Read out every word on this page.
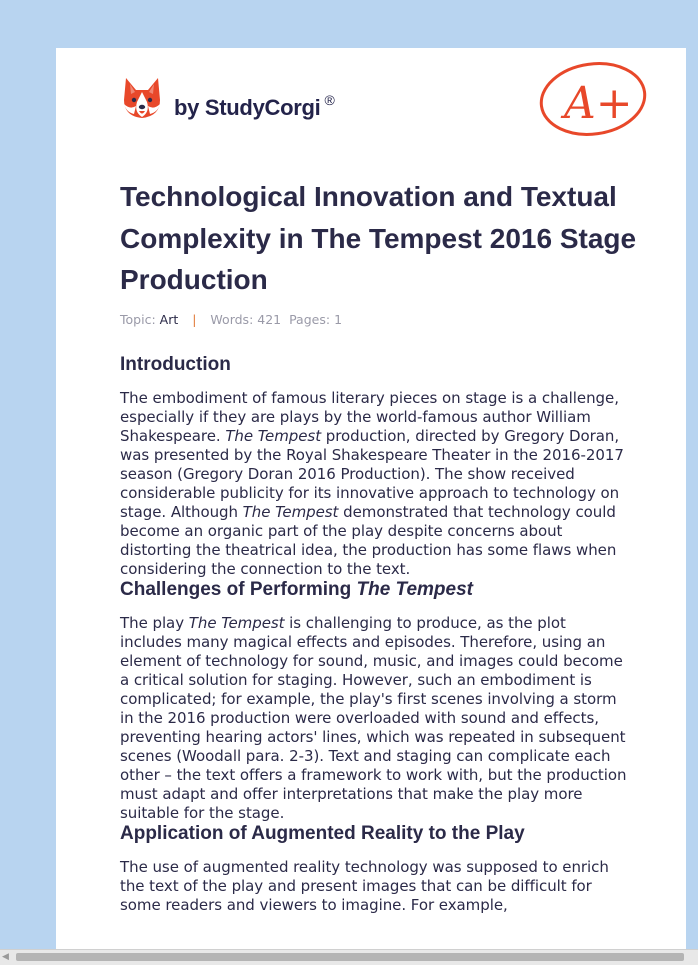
by StudyCorgi ®	A+
Technological Innovation and Textual Complexity in The Tempest 2016 Stage Production
Topic: Art | Words: 421 Pages: 1
Introduction

The embodiment of famous literary pieces on stage is a challenge, especially if they are plays by the world-famous author William Shakespeare. The Tempest production, directed by Gregory Doran, was presented by the Royal Shakespeare Theater in the 2016-2017 season (Gregory Doran 2016 Production). The show received considerable publicity for its innovative approach to technology on stage. Although The Tempest demonstrated that technology could become an organic part of the play despite concerns about distorting the theatrical idea, the production has some flaws when considering the connection to the text.

Challenges of Performing The Tempest

The play The Tempest is challenging to produce, as the plot includes many magical effects and episodes. Therefore, using an element of technology for sound, music, and images could become a critical solution for staging. However, such an embodiment is complicated; for example, the play's first scenes involving a storm in the 2016 production were overloaded with sound and effects, preventing hearing actors' lines, which was repeated in subsequent scenes (Woodall para. 2-3). Text and staging can complicate each other – the text offers a framework to work with, but the production must adapt and offer interpretations that make the play more suitable for the stage.

Application of Augmented Reality to the Play

The use of augmented reality technology was supposed to enrich the text of the play and present images that can be difficult for some readers and viewers to imagine. For example,

◀
